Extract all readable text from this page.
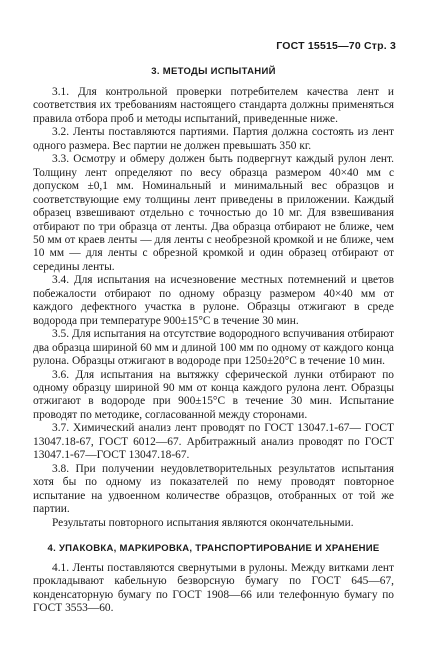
ГОСТ 15515—70 Стр. 3
3. МЕТОДЫ ИСПЫТАНИЙ

3.1. Для контрольной проверки потребителем качества лент и соответствия их требованиям настоящего стандарта должны применяться правила отбора проб и методы испытаний, приведенные ниже.

3.2. Ленты поставляются партиями. Партия должна состоять из лент одного размера. Вес партии не должен превышать 350 кг.

3.3. Осмотру и обмеру должен быть подвергнут каждый рулон лент. Толщину лент определяют по весу образца размером 40×40 мм с допуском ±0,1 мм. Номинальный и минимальный вес образцов и соответствующие ему толщины лент приведены в приложении. Каждый образец взвешивают отдельно с точностью до 10 мг. Для взвешивания отбирают по три образца от ленты. Два образца отбирают не ближе, чем 50 мм от краев ленты — для ленты с необрезной кромкой и не ближе, чем 10 мм — для ленты с обрезной кромкой и один образец отбирают от середины ленты.

3.4. Для испытания на исчезновение местных потемнений и цветов побежалости отбирают по одному образцу размером 40×40 мм от каждого дефектного участка в рулоне. Образцы отжигают в среде водорода при температуре 900±15°С в течение 30 мин.

3.5. Для испытания на отсутствие водородного вспучивания отбирают два образца шириной 60 мм и длиной 100 мм по одному от каждого конца рулона. Образцы отжигают в водороде при 1250±20°С в течение 10 мин.

3.6. Для испытания на вытяжку сферической лунки отбирают по одному образцу шириной 90 мм от конца каждого рулона лент. Образцы отжигают в водороде при 900±15°С в течение 30 мин. Испытание проводят по методике, согласованной между сторонами.

3.7. Химический анализ лент проводят по ГОСТ 13047.1-67— ГОСТ 13047.18-67, ГОСТ 6012—67. Арбитражный анализ проводят по ГОСТ 13047.1-67—ГОСТ 13047.18-67.

3.8. При получении неудовлетворительных результатов испытания хотя бы по одному из показателей по нему проводят повторное испытание на удвоенном количестве образцов, отобранных от той же партии.

Результаты повторного испытания являются окончательными.

4. УПАКОВКА, МАРКИРОВКА, ТРАНСПОРТИРОВАНИЕ И ХРАНЕНИЕ

4.1. Ленты поставляются свернутыми в рулоны. Между витками лент прокладывают кабельную безворсную бумагу по ГОСТ 645—67, конденсаторную бумагу по ГОСТ 1908—66 или телефонную бумагу по ГОСТ 3553—60.
